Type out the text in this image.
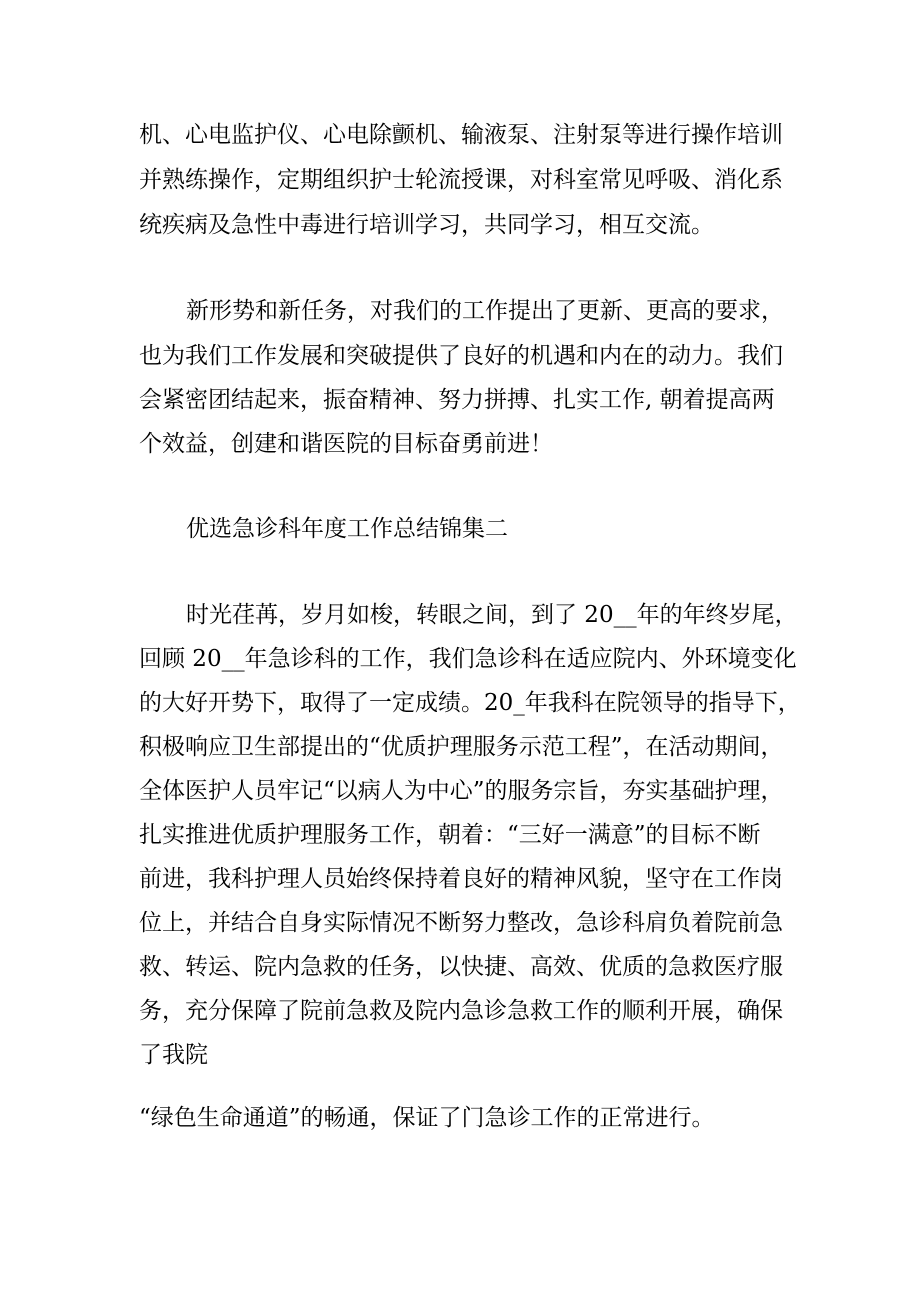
机、心电监护仪、心电除颤机、输液泵、注射泵等进行操作培训
并熟练操作，定期组织护士轮流授课，对科室常见呼吸、消化系
统疾病及急性中毒进行培训学习，共同学习，相互交流。
新形势和新任务，对我们的工作提出了更新、更高的要求，
也为我们工作发展和突破提供了良好的机遇和内在的动力。我们
会紧密团结起来，振奋精神、努力拼搏、扎实工作, 朝着提高两
个效益，创建和谐医院的目标奋勇前进！
优选急诊科年度工作总结锦集二
时光荏苒，岁月如梭，转眼之间，到了 20__年的年终岁尾，
回顾 20__年急诊科的工作，我们急诊科在适应院内、外环境变化
的大好开势下，取得了一定成绩。20_年我科在院领导的指导下，
积极响应卫生部提出的“优质护理服务示范工程”，在活动期间，
全体医护人员牢记“以病人为中心”的服务宗旨，夯实基础护理，
扎实推进优质护理服务工作，朝着：“三好一满意”的目标不断
前进，我科护理人员始终保持着良好的精神风貌，坚守在工作岗
位上，并结合自身实际情况不断努力整改，急诊科肩负着院前急
救、转运、院内急救的任务，以快捷、高效、优质的急救医疗服
务，充分保障了院前急救及院内急诊急救工作的顺利开展，确保
了我院
“绿色生命通道”的畅通，保证了门急诊工作的正常进行。
